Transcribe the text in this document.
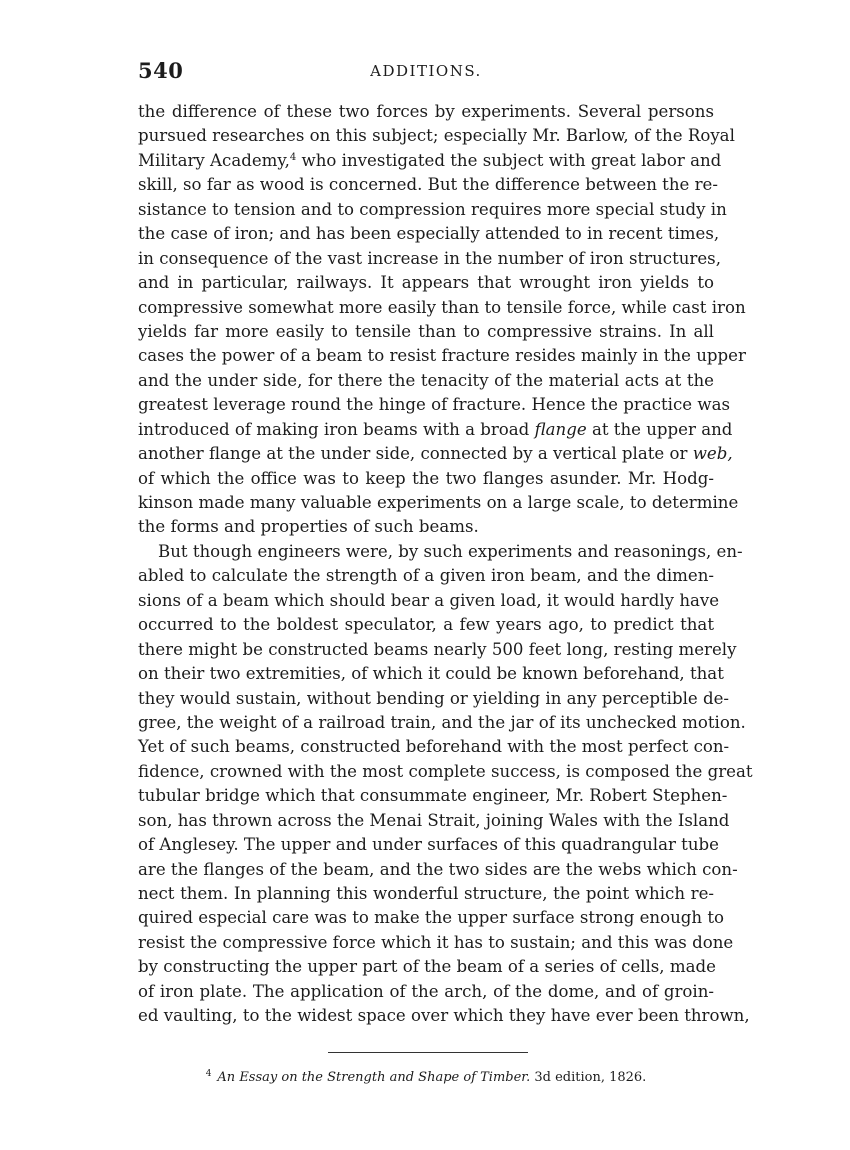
540	ADDITIONS.
the difference of these two forces by experiments. Several persons
pursued researches on this subject; especially Mr. Barlow, of the Royal
Military Academy,$^4$ who investigated the subject with great labor and
skill, so far as wood is concerned. But the difference between the re-
sistance to tension and to compression requires more special study in
the case of iron; and has been especially attended to in recent times,
in consequence of the vast increase in the number of iron structures,
and in particular, railways. It appears that wrought iron yields to
compressive somewhat more easily than to tensile force, while cast iron
yields far more easily to tensile than to compressive strains. In all
cases the power of a beam to resist fracture resides mainly in the upper
and the under side, for there the tenacity of the material acts at the
greatest leverage round the hinge of fracture. Hence the practice was
introduced of making iron beams with a broad flange at the upper and
another flange at the under side, connected by a vertical plate or web,
of which the office was to keep the two flanges asunder. Mr. Hodg-
kinson made many valuable experiments on a large scale, to determine
the forms and properties of such beams.
But though engineers were, by such experiments and reasonings, en-
abled to calculate the strength of a given iron beam, and the dimen-
sions of a beam which should bear a given load, it would hardly have
occurred to the boldest speculator, a few years ago, to predict that
there might be constructed beams nearly 500 feet long, resting merely
on their two extremities, of which it could be known beforehand, that
they would sustain, without bending or yielding in any perceptible de-
gree, the weight of a railroad train, and the jar of its unchecked motion.
Yet of such beams, constructed beforehand with the most perfect con-
fidence, crowned with the most complete success, is composed the great
tubular bridge which that consummate engineer, Mr. Robert Stephen-
son, has thrown across the Menai Strait, joining Wales with the Island
of Anglesey. The upper and under surfaces of this quadrangular tube
are the flanges of the beam, and the two sides are the webs which con-
nect them. In planning this wonderful structure, the point which re-
quired especial care was to make the upper surface strong enough to
resist the compressive force which it has to sustain; and this was done
by constructing the upper part of the beam of a series of cells, made
of iron plate. The application of the arch, of the dome, and of groin-
ed vaulting, to the widest space over which they have ever been thrown,
$^4$ An Essay on the Strength and Shape of Timber. 3d edition, 1826.
